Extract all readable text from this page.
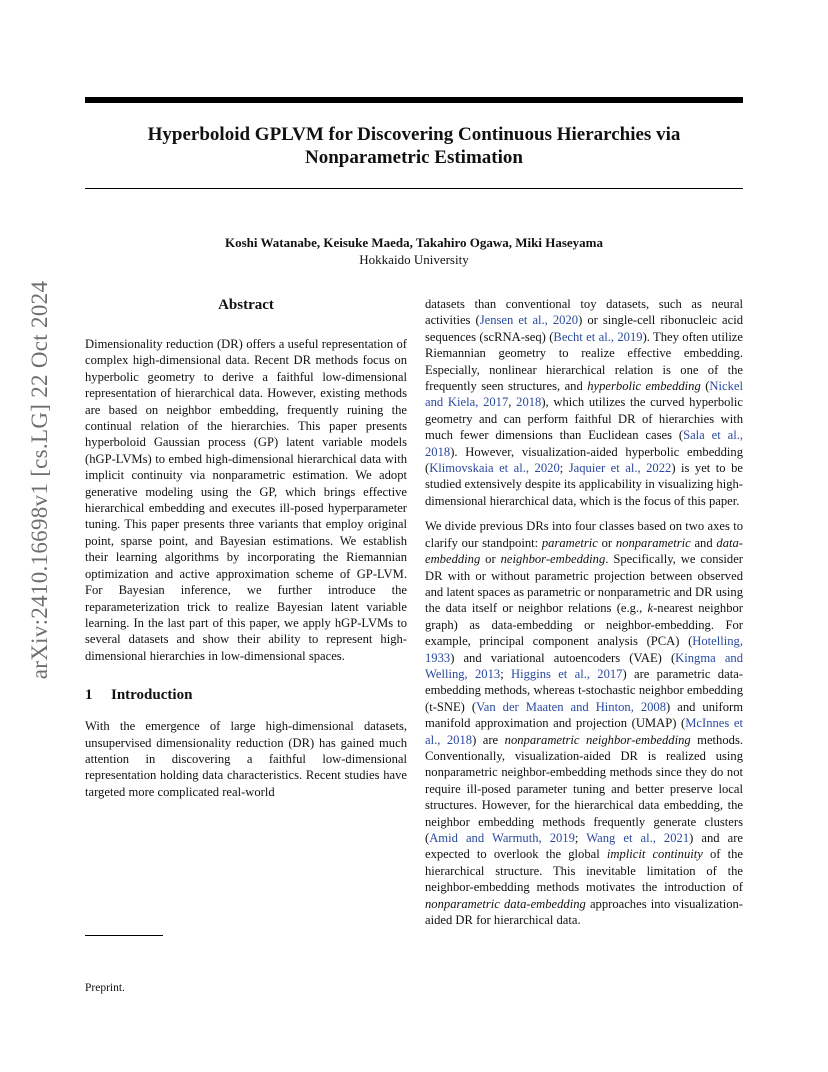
Hyperboloid GPLVM for Discovering Continuous Hierarchies via
Nonparametric Estimation
Koshi Watanabe, Keisuke Maeda, Takahiro Ogawa, Miki Haseyama
Hokkaido University
arXiv:2410.16698v1 [cs.LG] 22 Oct 2024	Abstract

Dimensionality reduction (DR) offers a useful representation of complex high-dimensional data. Recent DR methods focus on hyperbolic geometry to derive a faithful low-dimensional representation of hierarchical data. However, existing methods are based on neighbor embedding, frequently ruining the continual relation of the hierarchies. This paper presents hyperboloid Gaussian process (GP) latent variable models (hGP-LVMs) to embed high-dimensional hierarchical data with implicit continuity via nonparametric estimation. We adopt generative modeling using the GP, which brings effective hierarchical embedding and executes ill-posed hyperparameter tuning. This paper presents three variants that employ original point, sparse point, and Bayesian estimations. We establish their learning algorithms by incorporating the Riemannian optimization and active approximation scheme of GP-LVM. For Bayesian inference, we further introduce the reparameterization trick to realize Bayesian latent variable learning. In the last part of this paper, we apply hGP-LVMs to several datasets and show their ability to represent high-dimensional hierarchies in low-dimensional spaces.

1 Introduction

With the emergence of large high-dimensional datasets, unsupervised dimensionality reduction (DR) has gained much attention in discovering a faithful low-dimensional representation holding data characteristics. Recent studies have targeted more complicated real-world

datasets than conventional toy datasets, such as neural activities (Jensen et al., 2020) or single-cell ribonucleic acid sequences (scRNA-seq) (Becht et al., 2019). They often utilize Riemannian geometry to realize effective embedding. Especially, nonlinear hierarchical relation is one of the frequently seen structures, and hyperbolic embedding (Nickel and Kiela, 2017, 2018), which utilizes the curved hyperbolic geometry and can perform faithful DR of hierarchies with much fewer dimensions than Euclidean cases (Sala et al., 2018). However, visualization-aided hyperbolic embedding (Klimovskaia et al., 2020; Jaquier et al., 2022) is yet to be studied extensively despite its applicability in visualizing high-dimensional hierarchical data, which is the focus of this paper.

We divide previous DRs into four classes based on two axes to clarify our standpoint: parametric or nonparametric and data-embedding or neighbor-embedding. Specifically, we consider DR with or without parametric projection between observed and latent spaces as parametric or nonparametric and DR using the data itself or neighbor relations (e.g., k-nearest neighbor graph) as data-embedding or neighbor-embedding. For example, principal component analysis (PCA) (Hotelling, 1933) and variational autoencoders (VAE) (Kingma and Welling, 2013; Higgins et al., 2017) are parametric data-embedding methods, whereas t-stochastic neighbor embedding (t-SNE) (Van der Maaten and Hinton, 2008) and uniform manifold approximation and projection (UMAP) (McInnes et al., 2018) are nonparametric neighbor-embedding methods. Conventionally, visualization-aided DR is realized using nonparametric neighbor-embedding methods since they do not require ill-posed parameter tuning and better preserve local structures. However, for the hierarchical data embedding, the neighbor embedding methods frequently generate clusters (Amid and Warmuth, 2019; Wang et al., 2021) and are expected to overlook the global implicit continuity of the hierarchical structure. This inevitable limitation of the neighbor-embedding methods motivates the introduction of nonparametric data-embedding approaches into visualization-aided DR for hierarchical data.

Preprint.
